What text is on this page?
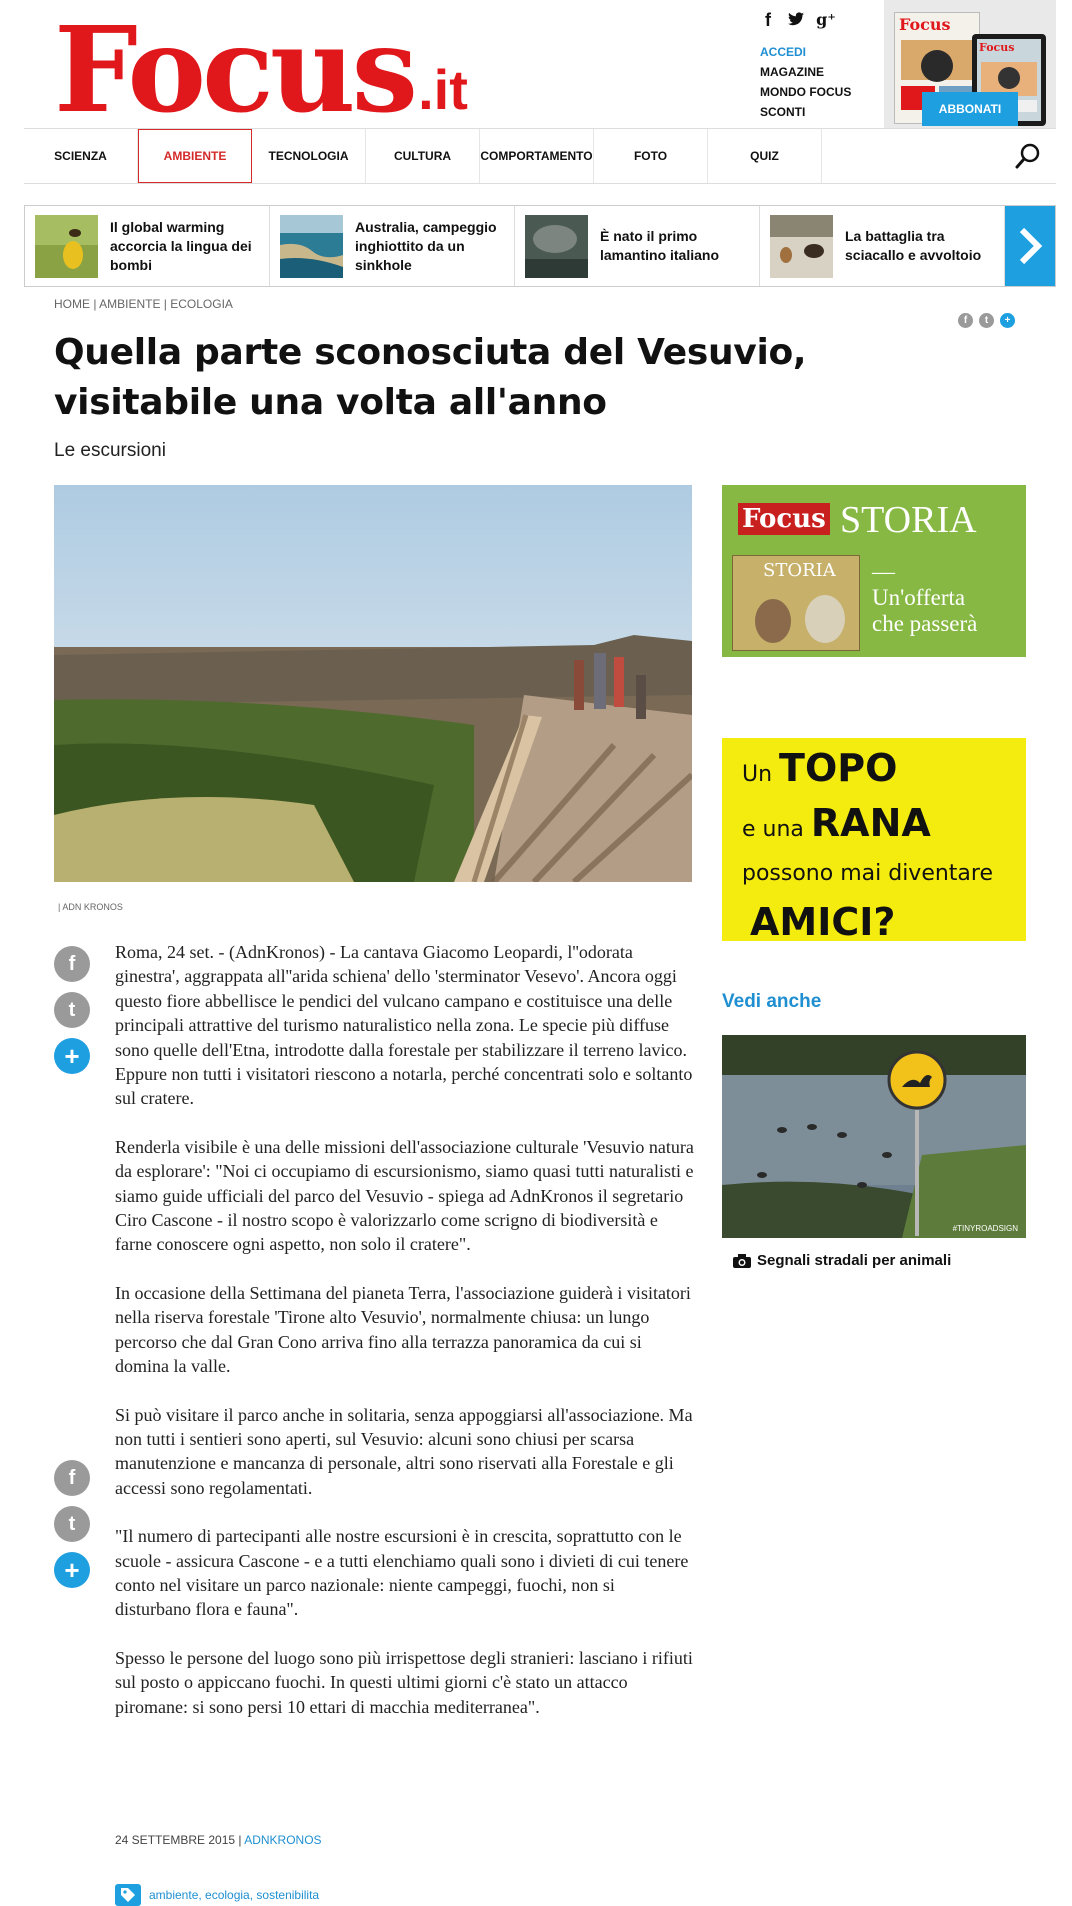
Focus .it
f	g⁺
ACCEDI
MAGAZINE
MONDO FOCUS
SCONTI
Focus
Focus
ABBONATI
SCIENZA	AMBIENTE	TECNOLOGIA	CULTURA	COMPORTAMENTO	FOTO	QUIZ
Il global warming accorcia la lingua dei bombi
Australia, campeggio inghiottito da un sinkhole
È nato il primo lamantino italiano
La battaglia tra sciacallo e avvoltoio
HOME | AMBIENTE | ECOLOGIA
f	t	+
Quella parte sconosciuta del Vesuvio, visitabile una volta all'anno
Le escursioni
| ADN KRONOS
f
t
+
f
t
+

Roma, 24 set. - (AdnKronos) - La cantava Giacomo Leopardi, l''odorata ginestra', aggrappata all''arida schiena' dello 'sterminator Vesevo'. Ancora oggi questo fiore abbellisce le pendici del vulcano campano e costituisce una delle principali attrattive del turismo naturalistico nella zona. Le specie più diffuse sono quelle dell'Etna, introdotte dalla forestale per stabilizzare il terreno lavico. Eppure non tutti i visitatori riescono a notarla, perché concentrati solo e soltanto sul cratere.

Renderla visibile è una delle missioni dell'associazione culturale 'Vesuvio natura da esplorare': "Noi ci occupiamo di escursionismo, siamo quasi tutti naturalisti e siamo guide ufficiali del parco del Vesuvio - spiega ad AdnKronos il segretario Ciro Cascone - il nostro scopo è valorizzarlo come scrigno di biodiversità e farne conoscere ogni aspetto, non solo il cratere".

In occasione della Settimana del pianeta Terra, l'associazione guiderà i visitatori nella riserva forestale 'Tirone alto Vesuvio', normalmente chiusa: un lungo percorso che dal Gran Cono arriva fino alla terrazza panoramica da cui si domina la valle.

Si può visitare il parco anche in solitaria, senza appoggiarsi all'associazione. Ma non tutti i sentieri sono aperti, sul Vesuvio: alcuni sono chiusi per scarsa manutenzione e mancanza di personale, altri sono riservati alla Forestale e gli accessi sono regolamentati.

"Il numero di partecipanti alle nostre escursioni è in crescita, soprattutto con le scuole - assicura Cascone - e a tutti elenchiamo quali sono i divieti di cui tenere conto nel visitare un parco nazionale: niente campeggi, fuochi, non si disturbano flora e fauna".

Spesso le persone del luogo sono più irrispettose degli stranieri: lasciano i rifiuti sul posto o appiccano fuochi. In questi ultimi giorni c'è stato un attacco piromane: si sono persi 10 ettari di macchia mediterranea".

24 SETTEMBRE 2015 | ADNKRONOS
ambiente, ecologia, sostenibilita
Focus STORIA
STORIA	—
Un'offerta
che passerà
Un TOPO
e una RANA
possono mai diventare
AMICI?
Vedi anche
#TINYROADSIGN
Segnali stradali per animali
